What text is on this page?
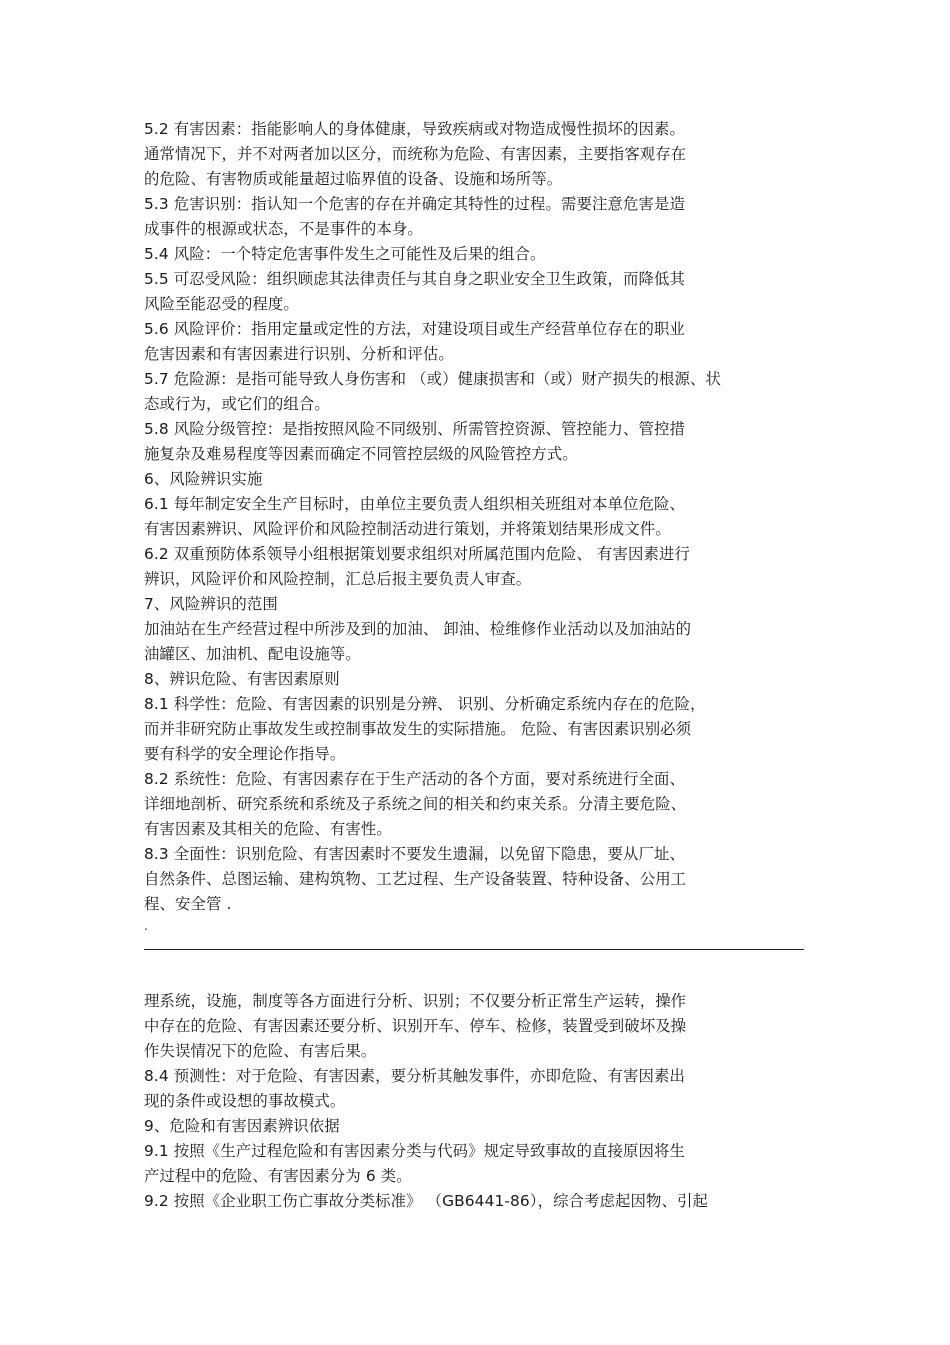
5.2 有害因素：指能影响人的身体健康，导致疾病或对物造成慢性损坏的因素。
通常情况下，并不对两者加以区分，而统称为危险、有害因素，主要指客观存在
的危险、有害物质或能量超过临界值的设备、设施和场所等。
5.3 危害识别：指认知一个危害的存在并确定其特性的过程。需要注意危害是造
成事件的根源或状态，不是事件的本身。
5.4 风险：一个特定危害事件发生之可能性及后果的组合。
5.5 可忍受风险：组织顾虑其法律责任与其自身之职业安全卫生政策，而降低其
风险至能忍受的程度。
5.6 风险评价：指用定量或定性的方法，对建设项目或生产经营单位存在的职业
危害因素和有害因素进行识别、分析和评估。
5.7 危险源：是指可能导致人身伤害和 （或）健康损害和（或）财产损失的根源、状
态或行为，或它们的组合。
5.8 风险分级管控：是指按照风险不同级别、所需管控资源、管控能力、管控措
施复杂及难易程度等因素而确定不同管控层级的风险管控方式。
6、风险辨识实施
6.1 每年制定安全生产目标时，由单位主要负责人组织相关班组对本单位危险、
有害因素辨识、风险评价和风险控制活动进行策划，并将策划结果形成文件。
6.2 双重预防体系领导小组根据策划要求组织对所属范围内危险、 有害因素进行
辨识，风险评价和风险控制，汇总后报主要负责人审查。
7、风险辨识的范围
加油站在生产经营过程中所涉及到的加油、 卸油、检维修作业活动以及加油站的
油罐区、加油机、配电设施等。
8、辨识危险、有害因素原则
8.1 科学性：危险、有害因素的识别是分辨、 识别、分析确定系统内存在的危险，
而并非研究防止事故发生或控制事故发生的实际措施。 危险、有害因素识别必须
要有科学的安全理论作指导。
8.2 系统性：危险、有害因素存在于生产活动的各个方面，要对系统进行全面、
详细地剖析、研究系统和系统及子系统之间的相关和约束关系。分清主要危险、
有害因素及其相关的危险、有害性。
8.3 全面性：识别危险、有害因素时不要发生遗漏，以免留下隐患，要从厂址、
自然条件、总图运输、建构筑物、工艺过程、生产设备装置、特种设备、公用工
程、安全管 .
.
理系统，设施，制度等各方面进行分析、识别；不仅要分析正常生产运转，操作
中存在的危险、有害因素还要分析、识别开车、停车、检修，装置受到破坏及操
作失误情况下的危险、有害后果。
8.4 预测性：对于危险、有害因素，要分析其触发事件，亦即危险、有害因素出
现的条件或设想的事故模式。
9、危险和有害因素辨识依据
9.1 按照《生产过程危险和有害因素分类与代码》规定导致事故的直接原因将生
产过程中的危险、有害因素分为 6 类。
9.2 按照《企业职工伤亡事故分类标准》 （GB6441-86），综合考虑起因物、引起
